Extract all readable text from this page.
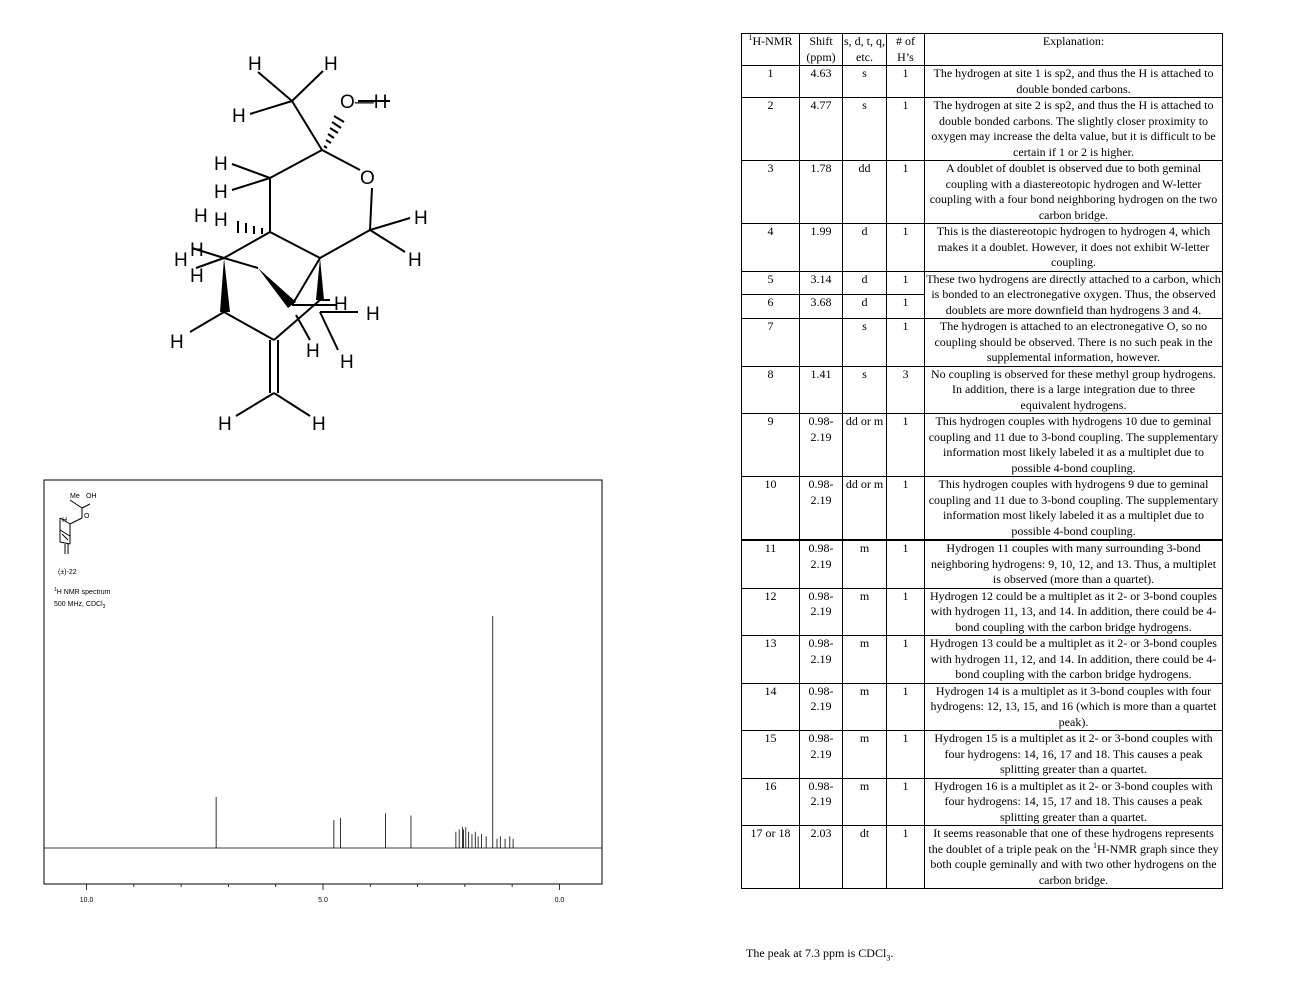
H	H
H
O—H
O
H
H
H H	H
H
H
H
H
H H
H	H
H
H	H
Me OH
O
H
(±)-22
$^1$H NMR spectrum
500 MHz, CDCl$_3$
10.0	5.0	0.0
$^1$H-NMR	Shift (ppm)	s, d, t, q, etc.	# of H’s	Explanation:
1	4.63	s	1	The hydrogen at site 1 is sp2, and thus the H is attached to double bonded carbons.
2	4.77	s	1	The hydrogen at site 2 is sp2, and thus the H is attached to double bonded carbons. The slightly closer proximity to oxygen may increase the delta value, but it is difficult to be certain if 1 or 2 is higher.
3	1.78	dd	1	A doublet of doublet is observed due to both geminal coupling with a diastereotopic hydrogen and W-letter coupling with a four bond neighboring hydrogen on the two carbon bridge.
4	1.99	d	1	This is the diastereotopic hydrogen to hydrogen 4, which makes it a doublet. However, it does not exhibit W-letter coupling.
5	3.14	d	1	These two hydrogens are directly attached to a carbon, which is bonded to an electronegative oxygen. Thus, the observed doublets are more downfield than hydrogens 3 and 4.
6	3.68	d	1	
7		s	1	The hydrogen is attached to an electronegative O, so no coupling should be observed. There is no such peak in the supplemental information, however.
8	1.41	s	3	No coupling is observed for these methyl group hydrogens. In addition, there is a large integration due to three equivalent hydrogens.
9	0.98- 2.19	dd or m	1	This hydrogen couples with hydrogens 10 due to geminal coupling and 11 due to 3-bond coupling. The supplementary information most likely labeled it as a multiplet due to possible 4-bond coupling.
10	0.98- 2.19	dd or m	1	This hydrogen couples with hydrogens 9 due to geminal coupling and 11 due to 3-bond coupling. The supplementary information most likely labeled it as a multiplet due to possible 4-bond coupling.
11	0.98- 2.19	m	1	Hydrogen 11 couples with many surrounding 3-bond neighboring hydrogens: 9, 10, 12, and 13. Thus, a multiplet is observed (more than a quartet).
12	0.98- 2.19	m	1	Hydrogen 12 could be a multiplet as it 2- or 3-bond couples with hydrogen 11, 13, and 14. In addition, there could be 4-bond coupling with the carbon bridge hydrogens.
13	0.98- 2.19	m	1	Hydrogen 13 could be a multiplet as it 2- or 3-bond couples with hydrogen 11, 12, and 14. In addition, there could be 4-bond coupling with the carbon bridge hydrogens.
14	0.98- 2.19	m	1	Hydrogen 14 is a multiplet as it 3-bond couples with four hydrogens: 12, 13, 15, and 16 (which is more than a quartet peak).
15	0.98- 2.19	m	1	Hydrogen 15 is a multiplet as it 2- or 3-bond couples with four hydrogens: 14, 16, 17 and 18. This causes a peak splitting greater than a quartet.
16	0.98- 2.19	m	1	Hydrogen 16 is a multiplet as it 2- or 3-bond couples with four hydrogens: 14, 15, 17 and 18. This causes a peak splitting greater than a quartet.
17 or 18	2.03	dt	1	It seems reasonable that one of these hydrogens represents the doublet of a triple peak on the $^1$H-NMR graph since they both couple geminally and with two other hydrogens on the carbon bridge.
The peak at 7.3 ppm is CDCl$_3$.
